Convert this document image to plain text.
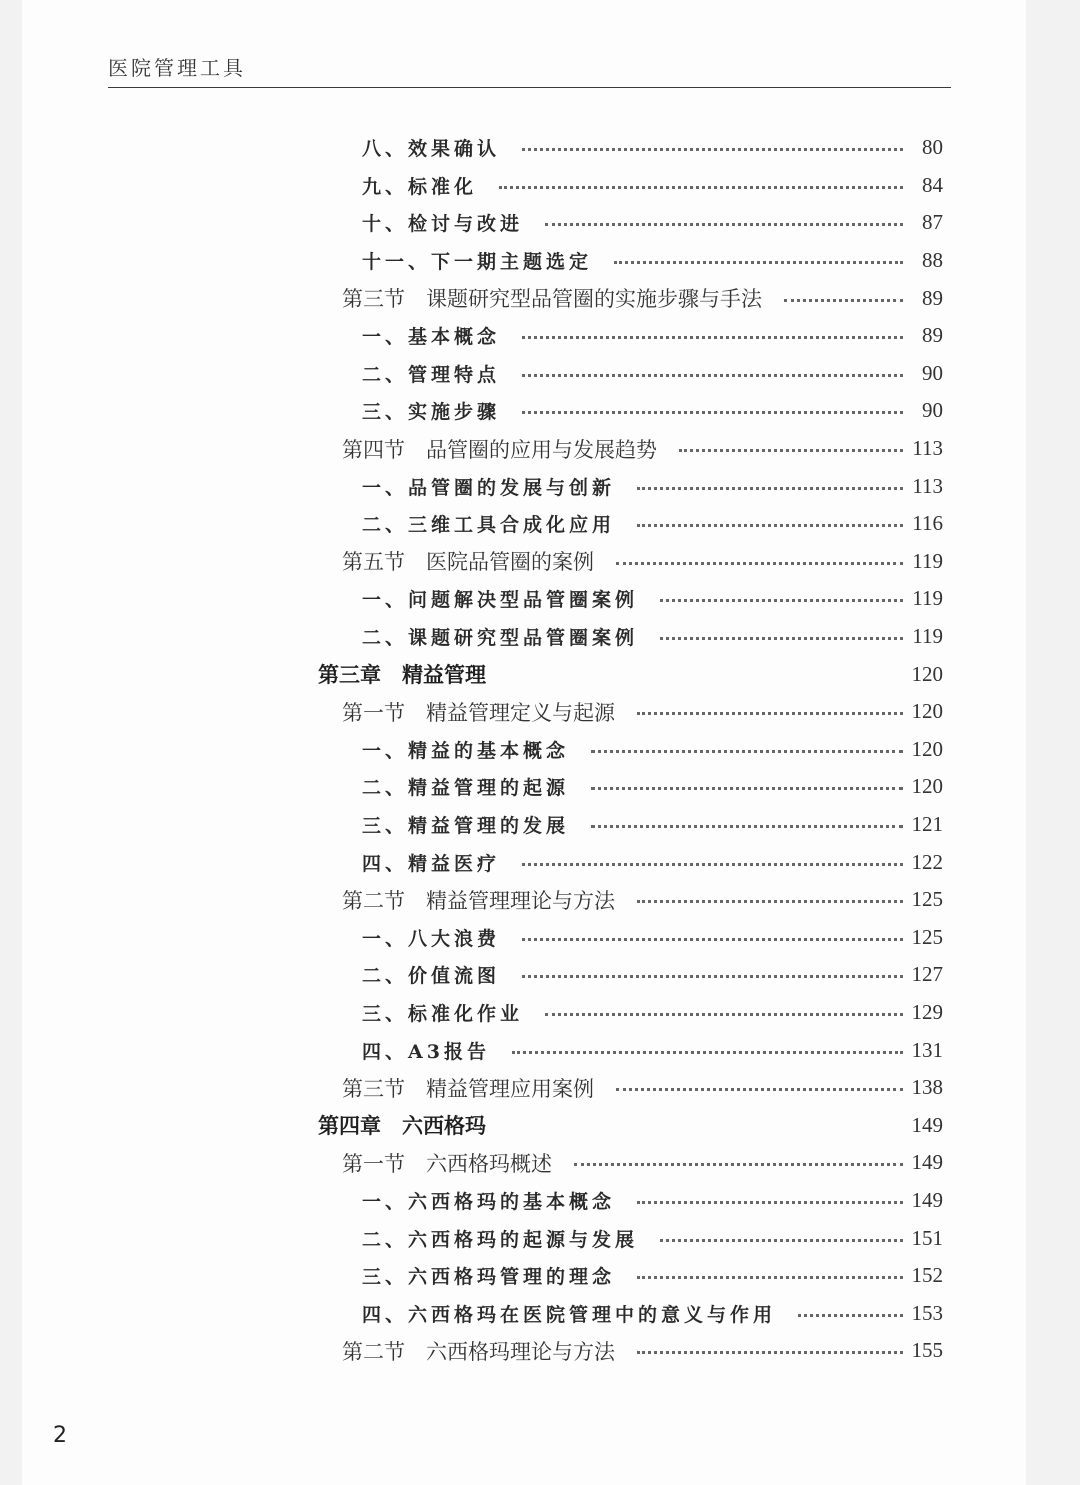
医院管理工具
八、效果确认	80
九、标准化	84
十、检讨与改进	87
十一、下一期主题选定	88
第三节　课题研究型品管圈的实施步骤与手法	89
一、基本概念	89
二、管理特点	90
三、实施步骤	90
第四节　品管圈的应用与发展趋势	113
一、品管圈的发展与创新	113
二、三维工具合成化应用	116
第五节　医院品管圈的案例	119
一、问题解决型品管圈案例	119
二、课题研究型品管圈案例	119
第三章　精益管理	120
第一节　精益管理定义与起源	120
一、精益的基本概念	120
二、精益管理的起源	120
三、精益管理的发展	121
四、精益医疗	122
第二节　精益管理理论与方法	125
一、八大浪费	125
二、价值流图	127
三、标准化作业	129
四、A3报告	131
第三节　精益管理应用案例	138
第四章　六西格玛	149
第一节　六西格玛概述	149
一、六西格玛的基本概念	149
二、六西格玛的起源与发展	151
三、六西格玛管理的理念	152
四、六西格玛在医院管理中的意义与作用	153
第二节　六西格玛理论与方法	155
2
